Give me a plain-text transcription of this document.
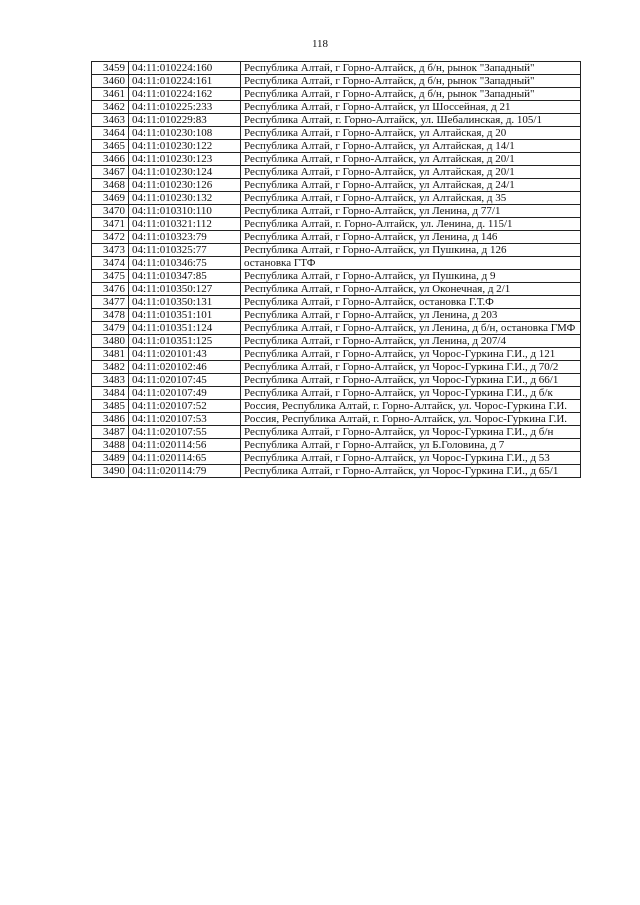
118
3459	04:11:010224:160	Республика Алтай, г Горно-Алтайск, д б/н, рынок "Западный"
3460	04:11:010224:161	Республика Алтай, г Горно-Алтайск, д б/н, рынок "Западный"
3461	04:11:010224:162	Республика Алтай, г Горно-Алтайск, д б/н, рынок "Западный"
3462	04:11:010225:233	Республика Алтай, г Горно-Алтайск, ул Шоссейная, д 21
3463	04:11:010229:83	Республика Алтай, г. Горно-Алтайск, ул. Шебалинская, д. 105/1
3464	04:11:010230:108	Республика Алтай, г Горно-Алтайск, ул Алтайская, д 20
3465	04:11:010230:122	Республика Алтай, г Горно-Алтайск, ул Алтайская, д 14/1
3466	04:11:010230:123	Республика Алтай, г Горно-Алтайск, ул Алтайская, д 20/1
3467	04:11:010230:124	Республика Алтай, г Горно-Алтайск, ул Алтайская, д 20/1
3468	04:11:010230:126	Республика Алтай, г Горно-Алтайск, ул Алтайская, д 24/1
3469	04:11:010230:132	Республика Алтай, г Горно-Алтайск, ул Алтайская, д 35
3470	04:11:010310:110	Республика Алтай, г Горно-Алтайск, ул Ленина, д 77/1
3471	04:11:010321:112	Республика Алтай, г. Горно-Алтайск, ул. Ленина, д. 115/1
3472	04:11:010323:79	Республика Алтай, г Горно-Алтайск, ул Ленина, д 146
3473	04:11:010325:77	Республика Алтай, г Горно-Алтайск, ул Пушкина, д 126
3474	04:11:010346:75	остановка ГТФ
3475	04:11:010347:85	Республика Алтай, г Горно-Алтайск, ул Пушкина, д 9
3476	04:11:010350:127	Республика Алтай, г Горно-Алтайск, ул Оконечная, д 2/1
3477	04:11:010350:131	Республика Алтай, г Горно-Алтайск, остановка Г.Т.Ф
3478	04:11:010351:101	Республика Алтай, г Горно-Алтайск, ул Ленина, д 203
3479	04:11:010351:124	Республика Алтай, г Горно-Алтайск, ул Ленина, д б/н, остановка ГМФ
3480	04:11:010351:125	Республика Алтай, г Горно-Алтайск, ул Ленина, д 207/4
3481	04:11:020101:43	Республика Алтай, г Горно-Алтайск, ул Чорос-Гуркина Г.И., д 121
3482	04:11:020102:46	Республика Алтай, г Горно-Алтайск, ул Чорос-Гуркина Г.И., д 70/2
3483	04:11:020107:45	Республика Алтай, г Горно-Алтайск, ул Чорос-Гуркина Г.И., д 66/1
3484	04:11:020107:49	Республика Алтай, г Горно-Алтайск, ул Чорос-Гуркина Г.И., д б/к
3485	04:11:020107:52	Россия, Республика Алтай, г. Горно-Алтайск, ул. Чорос-Гуркина Г.И.
3486	04:11:020107:53	Россия, Республика Алтай, г. Горно-Алтайск, ул. Чорос-Гуркина Г.И.
3487	04:11:020107:55	Республика Алтай, г Горно-Алтайск, ул Чорос-Гуркина Г.И., д б/н
3488	04:11:020114:56	Республика Алтай, г Горно-Алтайск, ул Б.Головина, д 7
3489	04:11:020114:65	Республика Алтай, г Горно-Алтайск, ул Чорос-Гуркина Г.И., д 53
3490	04:11:020114:79	Республика Алтай, г Горно-Алтайск, ул Чорос-Гуркина Г.И., д 65/1
